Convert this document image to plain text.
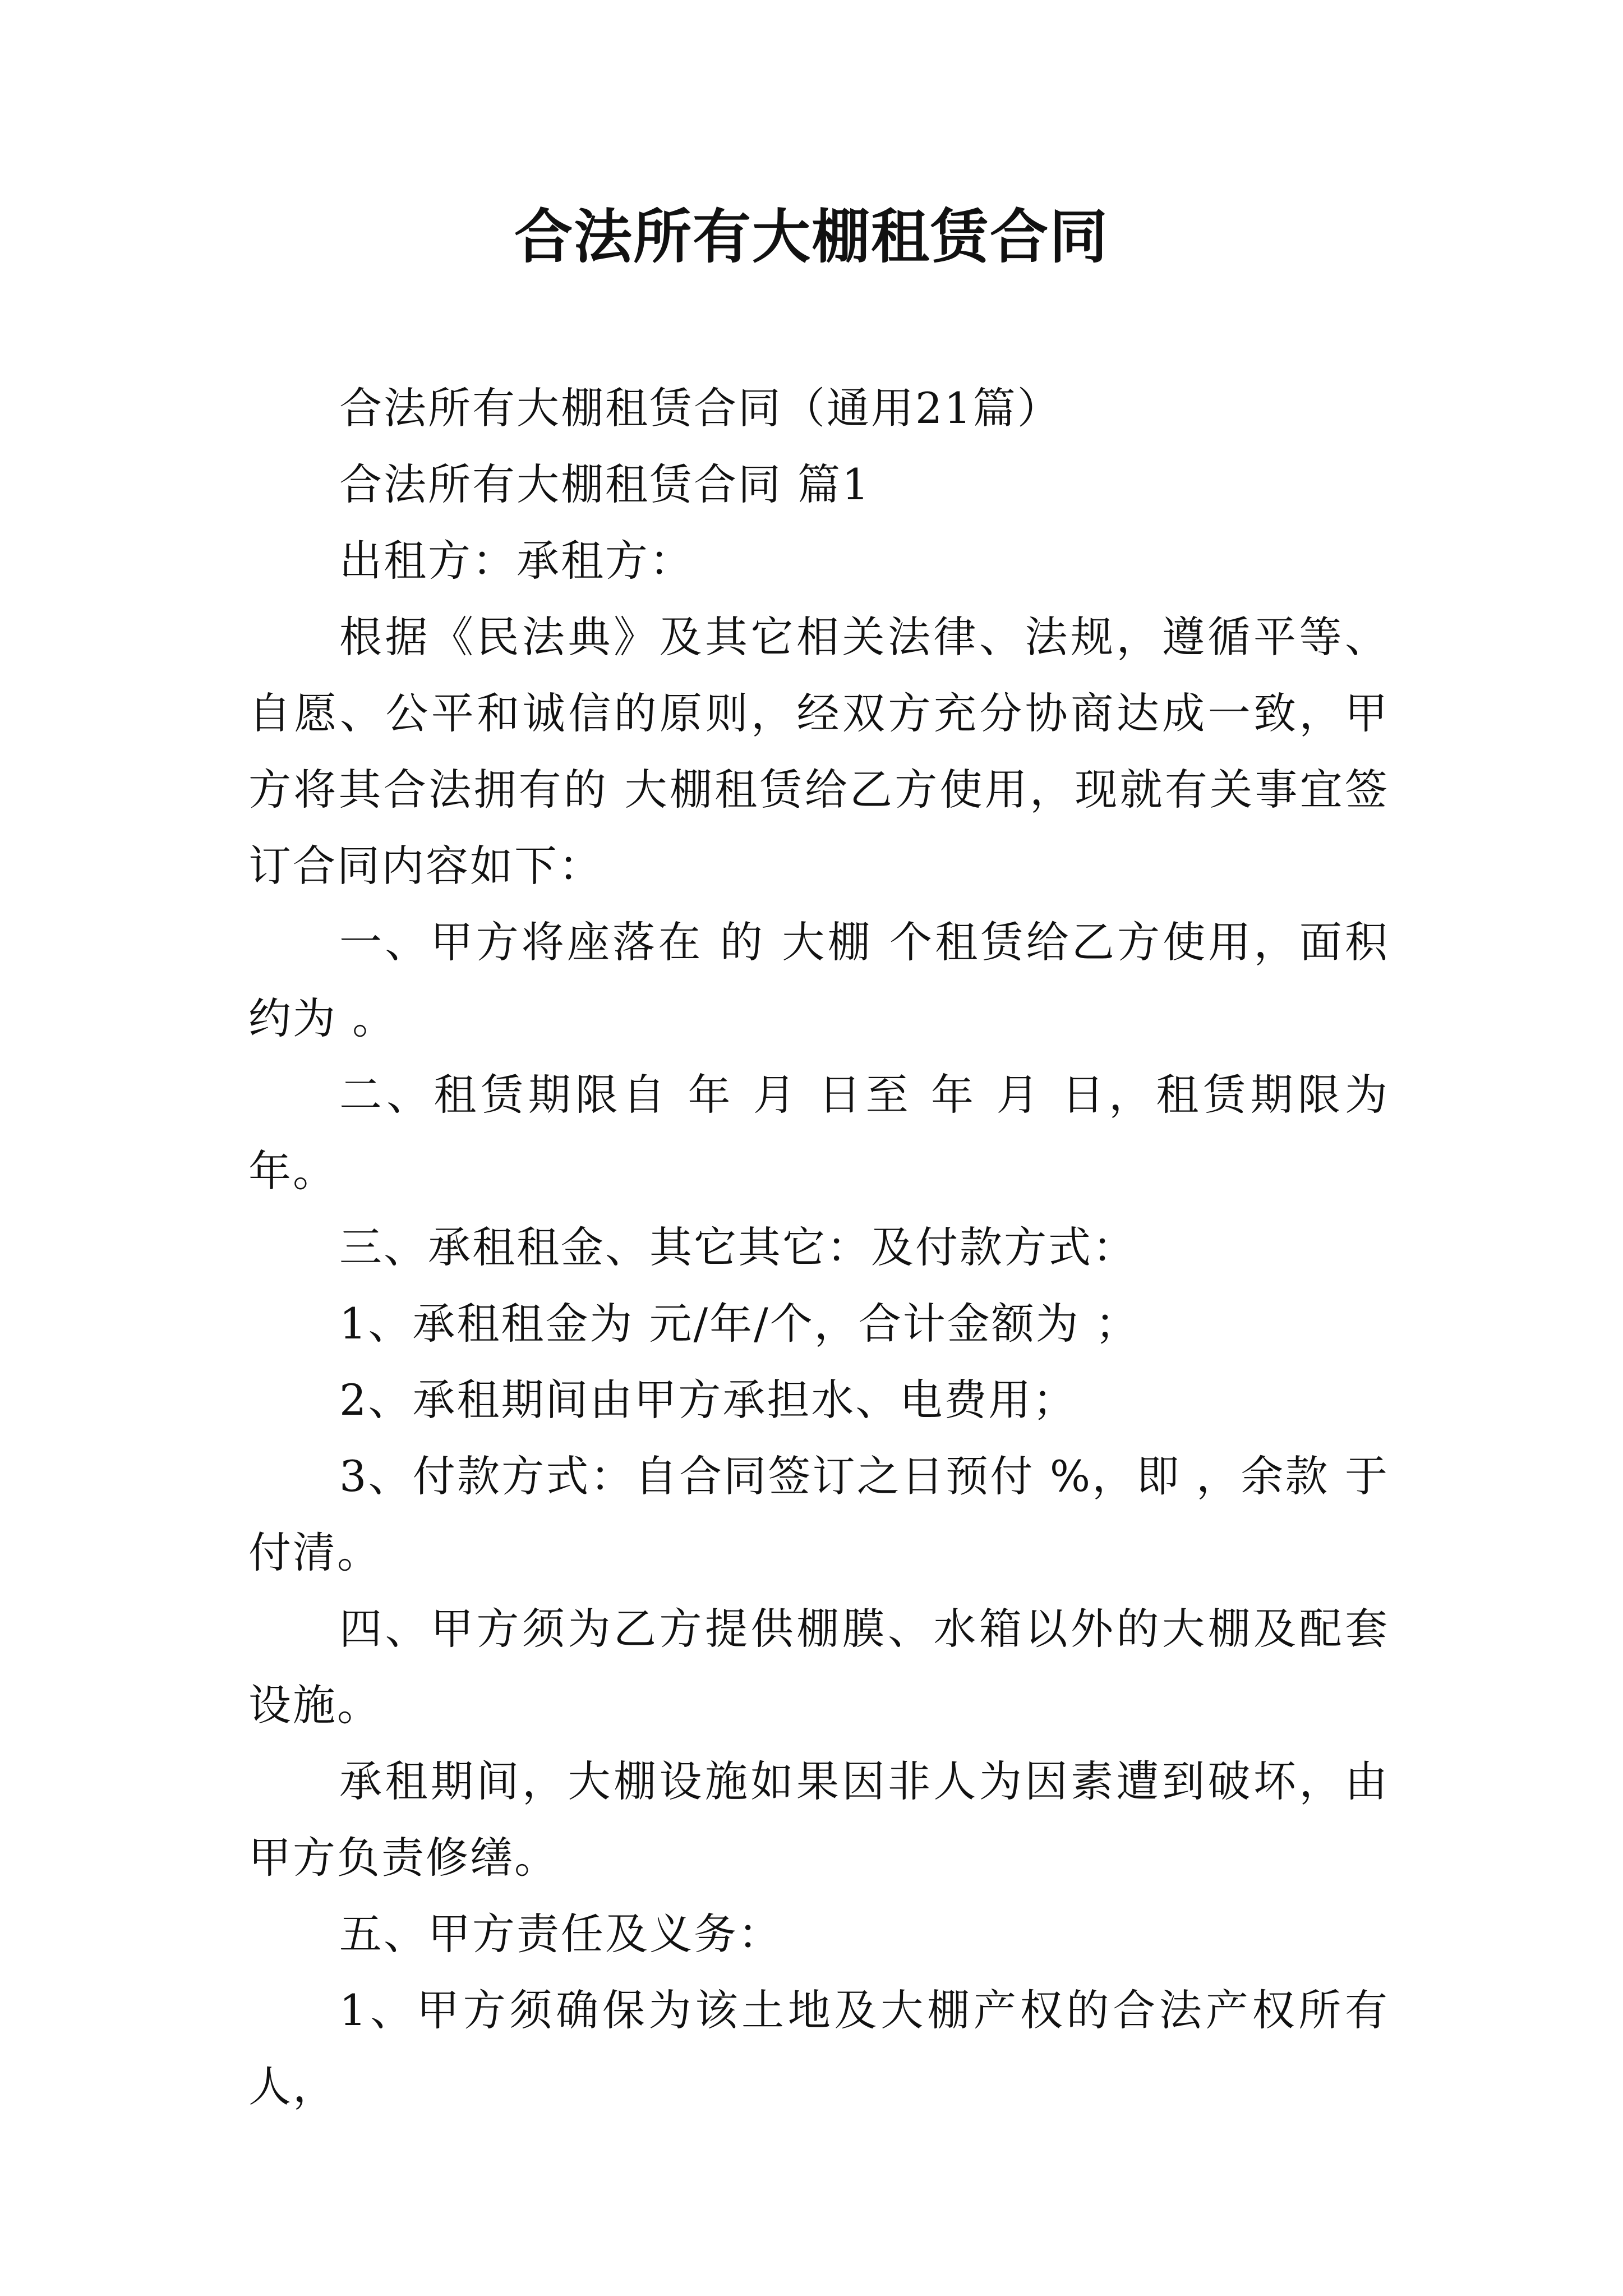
合法所有大棚租赁合同

合法所有大棚租赁合同（通用21篇）

合法所有大棚租赁合同 篇1

出租方：承租方：

根据《民法典》及其它相关法律、法规，遵循平等、自愿、公平和诚信的原则，经双方充分协商达成一致，甲方将其合法拥有的 大棚租赁给乙方使用，现就有关事宜签订合同内容如下：

一、甲方将座落在 的 大棚 个租赁给乙方使用，面积约为 。

二、租赁期限自 年 月 日至 年 月 日，租赁期限为 年。

三、承租租金、其它其它：及付款方式：

1、承租租金为 元/年/个，合计金额为 ；

2、承租期间由甲方承担水、电费用；

3、付款方式：自合同签订之日预付 %，即 ，余款 于 付清。

四、甲方须为乙方提供棚膜、水箱以外的大棚及配套设施。

承租期间，大棚设施如果因非人为因素遭到破坏，由甲方负责修缮。

五、甲方责任及义务：

1、甲方须确保为该土地及大棚产权的合法产权所有人，
